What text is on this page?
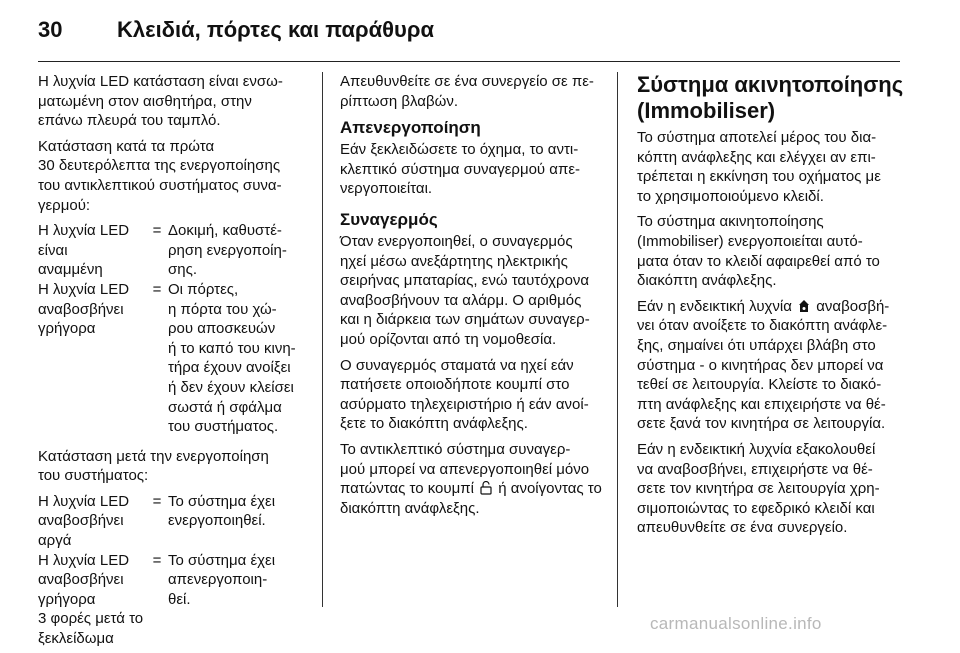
30 Κλειδιά, πόρτες και παράθυρα

Η λυχνία LED κατάσταση είναι ενσω-
ματωμένη στον αισθητήρα, στην
επάνω πλευρά του ταμπλό.

Κατάσταση κατά τα πρώτα
30 δευτερόλεπτα της ενεργοποίησης
του αντικλεπτικού συστήματος συνα-
γερμού:

Η λυχνία LED
είναι
αναμμένη
= Δοκιμή, καθυστέ-
ρηση ενεργοποίη-
σης.
Η λυχνία LED
αναβοσβήνει
γρήγορα
= Οι πόρτες,
η πόρτα του χώ-
ρου αποσκευών
ή το καπό του κινη-
τήρα έχουν ανοίξει
ή δεν έχουν κλείσει
σωστά ή σφάλμα
του συστήματος.

Κατάσταση μετά την ενεργοποίηση
του συστήματος:

Η λυχνία LED
αναβοσβήνει
αργά
= Το σύστημα έχει
ενεργοποιηθεί.
Η λυχνία LED
αναβοσβήνει
γρήγορα
3 φορές μετά το
ξεκλείδωμα
= Το σύστημα έχει
απενεργοποιη-
θεί.

Απευθυνθείτε σε ένα συνεργείο σε πε-
ρίπτωση βλαβών.

Απενεργοποίηση

Εάν ξεκλειδώσετε το όχημα, το αντι-
κλεπτικό σύστημα συναγερμού απε-
νεργοποιείται.

Συναγερμός

Όταν ενεργοποιηθεί, ο συναγερμός
ηχεί μέσω ανεξάρτητης ηλεκτρικής
σειρήνας μπαταρίας, ενώ ταυτόχρονα
αναβοσβήνουν τα αλάρμ. Ο αριθμός
και η διάρκεια των σημάτων συναγερ-
μού ορίζονται από τη νομοθεσία.

Ο συναγερμός σταματά να ηχεί εάν
πατήσετε οποιοδήποτε κουμπί στο
ασύρματο τηλεχειριστήριο ή εάν ανοί-
ξετε το διακόπτη ανάφλεξης.

Το αντικλεπτικό σύστημα συναγερ-
μού μπορεί να απενεργοποιηθεί μόνο
πατώντας το κουμπί ή ανοίγοντας το
διακόπτη ανάφλεξης.

Σύστημα ακινητοποίησης
(Immobiliser)

Το σύστημα αποτελεί μέρος του δια-
κόπτη ανάφλεξης και ελέγχει αν επι-
τρέπεται η εκκίνηση του οχήματος με
το χρησιμοποιούμενο κλειδί.

Το σύστημα ακινητοποίησης
(Immobiliser) ενεργοποιείται αυτό-
ματα όταν το κλειδί αφαιρεθεί από το
διακόπτη ανάφλεξης.

Εάν η ενδεικτική λυχνία αναβοσβή-
νει όταν ανοίξετε το διακόπτη ανάφλε-
ξης, σημαίνει ότι υπάρχει βλάβη στο
σύστημα - ο κινητήρας δεν μπορεί να
τεθεί σε λειτουργία. Κλείστε το διακό-
πτη ανάφλεξης και επιχειρήστε να θέ-
σετε ξανά τον κινητήρα σε λειτουργία.

Εάν η ενδεικτική λυχνία εξακολουθεί
να αναβοσβήνει, επιχειρήστε να θέ-
σετε τον κινητήρα σε λειτουργία χρη-
σιμοποιώντας το εφεδρικό κλειδί και
απευθυνθείτε σε ένα συνεργείο.

carmanualsonline.info
